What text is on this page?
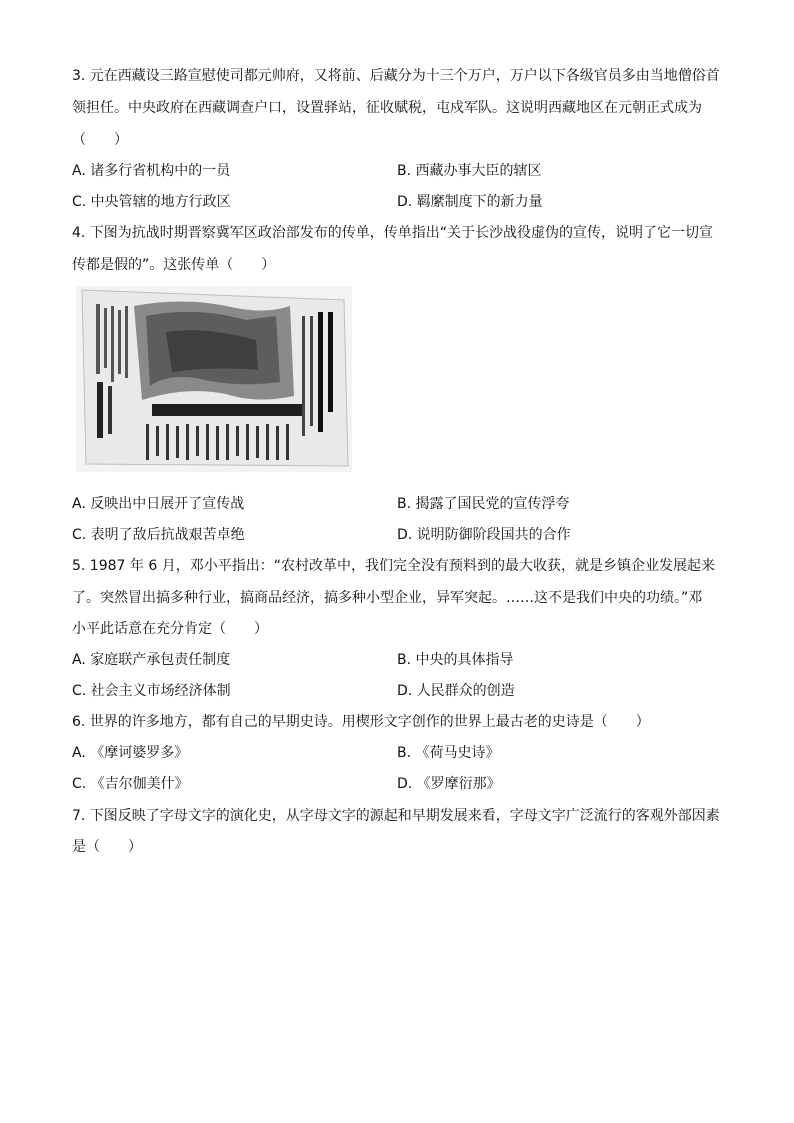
3. 元在西藏设三路宣慰使司都元帅府，又将前、后藏分为十三个万户，万户以下各级官员多由当地僧俗首
领担任。中央政府在西藏调查户口，设置驿站，征收赋税，屯戍军队。这说明西藏地区在元朝正式成为
（　　）
A. 诸多行省机构中的一员	B. 西藏办事大臣的辖区
C. 中央管辖的地方行政区	D. 羁縻制度下的新力量
4. 下图为抗战时期晋察冀军区政治部发布的传单，传单指出“关于长沙战役虚伪的宣传，说明了它一切宣
传都是假的”。这张传单（　　）
A. 反映出中日展开了宣传战	B. 揭露了国民党的宣传浮夸
C. 表明了敌后抗战艰苦卓绝	D. 说明防御阶段国共的合作
5. 1987 年 6 月，邓小平指出：“农村改革中，我们完全没有预料到的最大收获，就是乡镇企业发展起来
了。突然冒出搞多种行业，搞商品经济，搞多种小型企业，异军突起。……这不是我们中央的功绩。”邓
小平此话意在充分肯定（　　）
A. 家庭联产承包责任制度	B. 中央的具体指导
C. 社会主义市场经济体制	D. 人民群众的创造
6. 世界的许多地方，都有自己的早期史诗。用楔形文字创作的世界上最古老的史诗是（　　）
A. 《摩诃婆罗多》	B. 《荷马史诗》
C. 《吉尔伽美什》	D. 《罗摩衍那》
7. 下图反映了字母文字的演化史，从字母文字的源起和早期发展来看，字母文字广泛流行的客观外部因素
是（　　）
